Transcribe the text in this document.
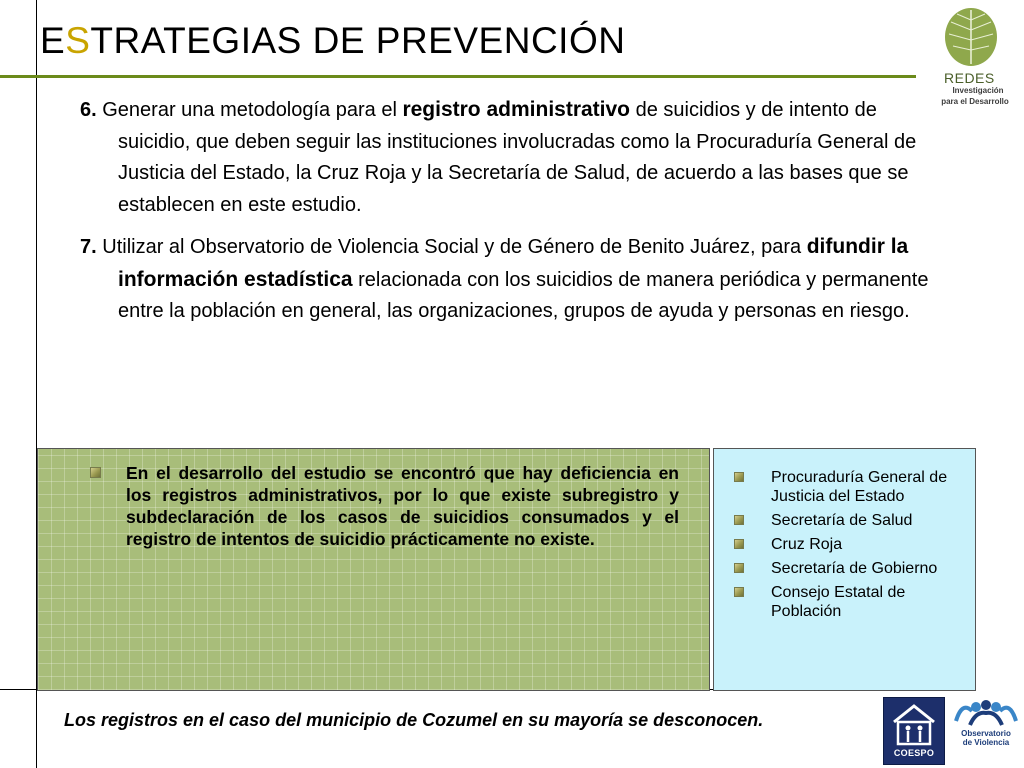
ESTRATEGIAS DE PREVENCIÓN
REDES
Investigación
para el Desarrollo

6. Generar una metodología para el registro administrativo de suicidios y de intento de suicidio, que deben seguir las instituciones involucradas como la Procuraduría General de Justicia del Estado, la Cruz Roja y la Secretaría de Salud, de acuerdo a las bases que se establecen en este estudio.

7. Utilizar al Observatorio de Violencia Social y de Género de Benito Juárez, para difundir la información estadística relacionada con los suicidios de manera periódica y permanente entre la población en general, las organizaciones, grupos de ayuda y personas en riesgo.

En el desarrollo del estudio se encontró que hay deficiencia en los registros administrativos, por lo que existe subregistro y subdeclaración de los casos de suicidios consumados y el registro de intentos de suicidio prácticamente no existe.
Procuraduría General de Justicia del Estado
Secretaría de Salud
Cruz Roja
Secretaría de Gobierno
Consejo Estatal de Población
Los registros en el caso del municipio de Cozumel en su mayoría se desconocen.
COESPO
Observatorio
de Violencia
